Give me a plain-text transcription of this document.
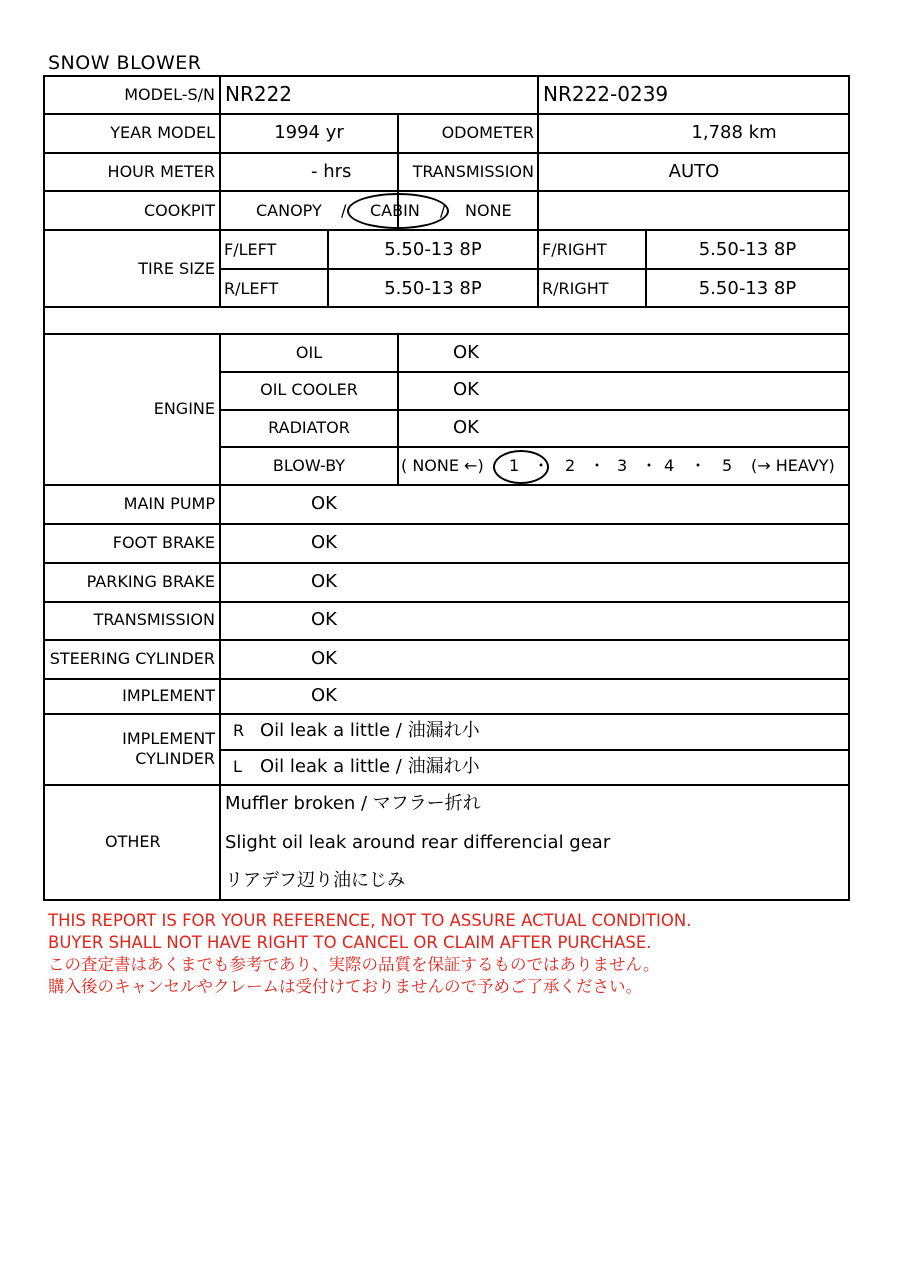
SNOW BLOWER
MODEL-S/N NR222	NR222-0239
YEAR MODEL	1994 yr	ODOMETER	1,788 km
HOUR METER	- hrs	TRANSMISSION	AUTO
COOKPIT	CANOPY / CABIN / NONE
TIRE SIZE
F/LEFT	5.50-13 8P	F/RIGHT	5.50-13 8P
R/LEFT	5.50-13 8P	R/RIGHT	5.50-13 8P
ENGINE
OIL	OK
OIL COOLER	OK
RADIATOR	OK
BLOW-BY	( NONE ←) 1 ・ 2 ・ 3 ・ 4 ・ 5 (→ HEAVY)
MAIN PUMP	OK
FOOT BRAKE	OK
PARKING BRAKE	OK
TRANSMISSION	OK
STEERING CYLINDER	OK
IMPLEMENT	OK
IMPLEMENT
CYLINDER
R Oil leak a little / 油漏れ小
L Oil leak a little / 油漏れ小
OTHER
Muffler broken / マフラー折れ
Slight oil leak around rear differencial gear
リアデフ辺り油にじみ
THIS REPORT IS FOR YOUR REFERENCE, NOT TO ASSURE ACTUAL CONDITION.
BUYER SHALL NOT HAVE RIGHT TO CANCEL OR CLAIM AFTER PURCHASE.
この査定書はあくまでも参考であり、実際の品質を保証するものではありません。
購入後のキャンセルやクレームは受付けておりませんので予めご了承ください。
